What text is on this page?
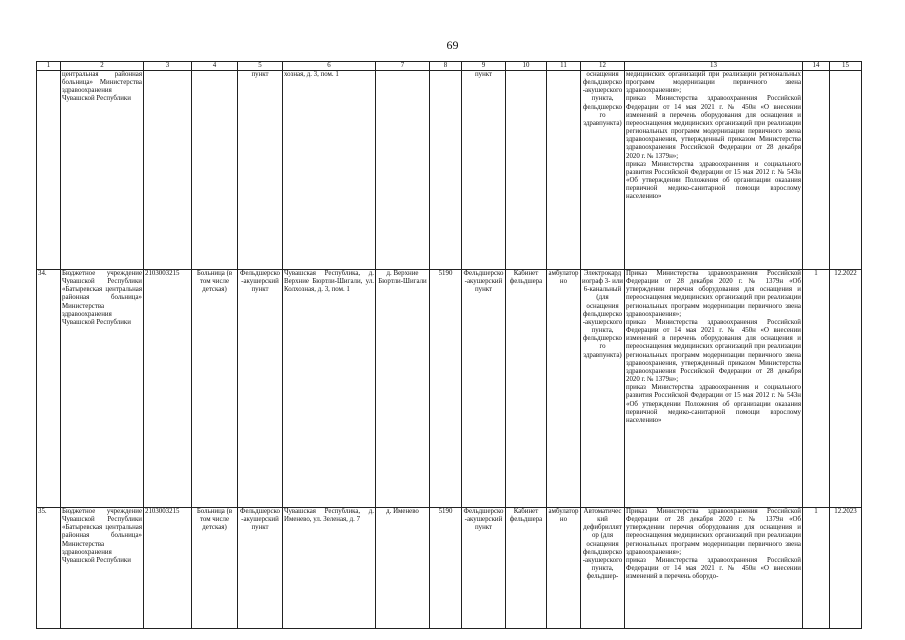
69
1	2	3	4	5	6	7	8	9	10	11	12	13	14	15
	центральная районная больница» Министерства здравоохранения Чувашской Республики			пункт	хозная, д. 3, пом. 1			пункт			оснащения фельдшерско-акушерского пункта, фельдшерского здравпункта)	медицинских организаций при реализации региональных программ модернизации первичного звена здравоохранения»;
приказ Министерства здравоохранения Российской Федерации от 14 мая 2021 г. № 450н «О внесении изменений в перечень оборудования для оснащения и переоснащения медицинских организаций при реализации региональных программ модернизации первичного звена здравоохранения, утвержденный приказом Министерства здравоохранения Российской Федерации от 28 декабря 2020 г. № 1379н»;
приказ Министерства здравоохранения и социального развития Российской Федерации от 15 мая 2012 г. № 543н «Об утверждении Положения об организации оказания первичной медико-санитарной помощи взрослому населению»		
34.	Бюджетное учреждение Чувашской Республики «Батыревская центральная районная больница» Министерства здравоохранения Чувашской Республики	2103003215	Больница (в том числе детская)	Фельдшерско-акушерский пункт	Чувашская Республика, д. Верхние Бюртли-Шигали, ул. Колхозная, д. 3, пом. 1	д. Верхние Бюртли-Шигали	5190	Фельдшерско-акушерский пункт	Кабинет фельдшера	амбулаторно	Электрокардиограф 3- или 6-канальный (для оснащения фельдшерско-акушерского пункта, фельдшерского здравпункта)	Приказ Министерства здравоохранения Российской Федерации от 28 декабря 2020 г. № 1379н «Об утверждении перечня оборудования для оснащения и переоснащения медицинских организаций при реализации региональных программ модернизации первичного звена здравоохранения»;
приказ Министерства здравоохранения Российской Федерации от 14 мая 2021 г. № 450н «О внесении изменений в перечень оборудования для оснащения и переоснащения медицинских организаций при реализации региональных программ модернизации первичного звена здравоохранения, утвержденный приказом Министерства здравоохранения Российской Федерации от 28 декабря 2020 г. № 1379н»;
приказ Министерства здравоохранения и социального развития Российской Федерации от 15 мая 2012 г. № 543н «Об утверждении Положения об организации оказания первичной медико-санитарной помощи взрослому населению»	1	12.2022
35.	Бюджетное учреждение Чувашской Республики «Батыревская центральная районная больница» Министерства здравоохранения Чувашской Республики	2103003215	Больница (в том числе детская)	Фельдшерско-акушерский пункт	Чувашская Республика, д. Именево, ул. Зеленая, д. 7	д. Именево	5190	Фельдшерско-акушерский пункт	Кабинет фельдшера	амбулаторно	Автоматический дефибриллятор (для оснащения фельдшерско-акушерского пункта, фельдшер-	Приказ Министерства здравоохранения Российской Федерации от 28 декабря 2020 г. № 1379н «Об утверждении перечня оборудования для оснащения и переоснащения медицинских организаций при реализации региональных программ модернизации первичного звена здравоохранения»;
приказ Министерства здравоохранения Российской Федерации от 14 мая 2021 г. № 450н «О внесении изменений в перечень оборудо-	1	12.2023
